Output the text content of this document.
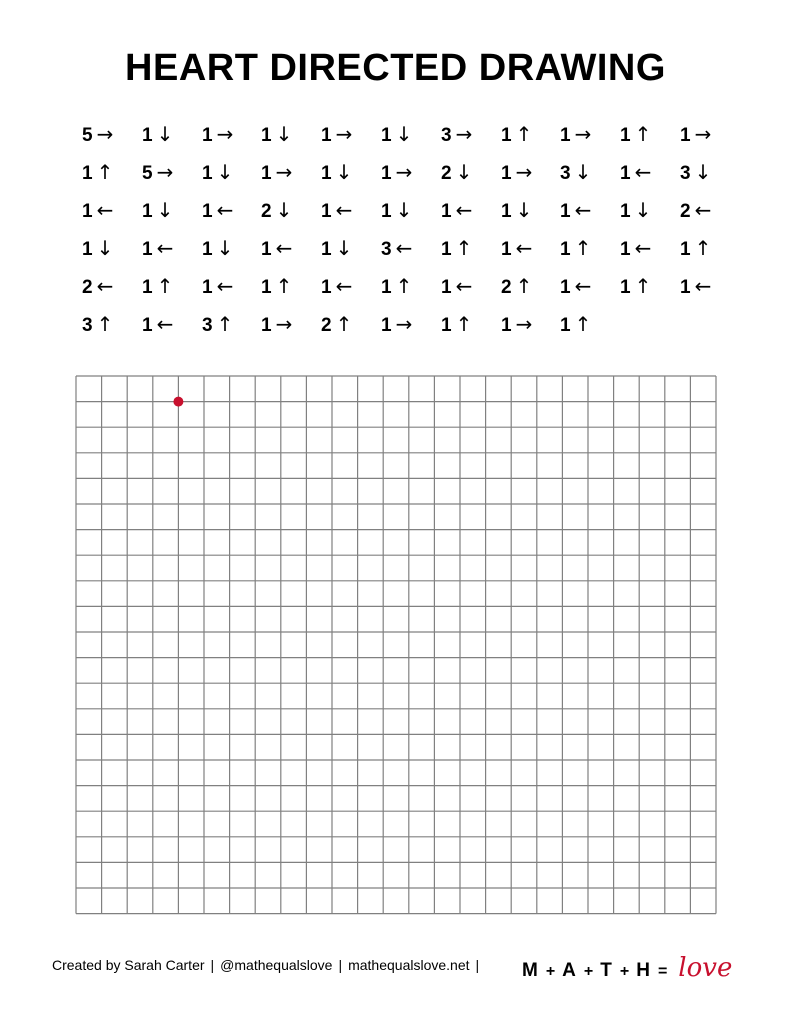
HEART DIRECTED DRAWING
5 → 1 ↓ 1 → 1 ↓ 1 → 1 ↓ 3 → 1 ↑ 1 → 1 ↑ 1 →
1 ↑ 5 → 1 ↓ 1 → 1 ↓ 1 → 2 ↓ 1 → 3 ↓ 1 ← 3 ↓
1 ← 1 ↓ 1 ← 2 ↓ 1 ← 1 ↓ 1 ← 1 ↓ 1 ← 1 ↓ 2 ←
1 ↓ 1 ← 1 ↓ 1 ← 1 ↓ 3 ← 1 ↑ 1 ← 1 ↑ 1 ← 1 ↑
2 ← 1 ↑ 1 ← 1 ↑ 1 ← 1 ↑ 1 ← 2 ↑ 1 ← 1 ↑ 1 ←
3 ↑ 1 ← 3 ↑ 1 → 2 ↑ 1 → 1 ↑ 1 → 1 ↑
Created by Sarah Carter | @mathequalslove | mathequalslove.net |	M + A + T + H = love
